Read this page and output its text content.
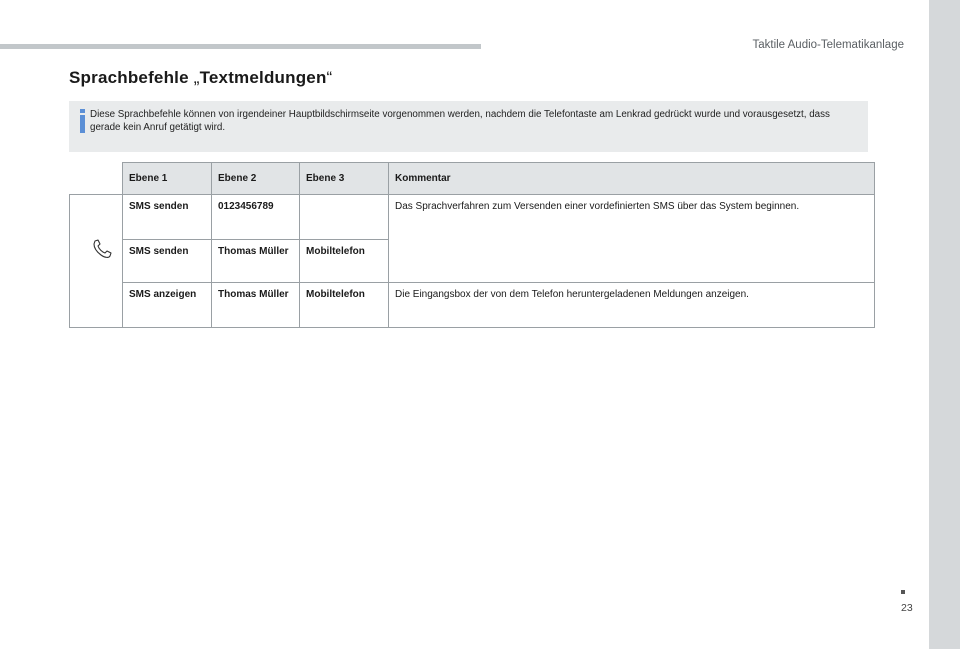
Taktile Audio-Telematikanlage
Sprachbefehle „Textmeldungen“
Diese Sprachbefehle können von irgendeiner Hauptbildschirmseite vorgenommen werden, nachdem die Telefontaste am Lenkrad gedrückt wurde und vorausgesetzt, dass gerade kein Anruf getätigt wird.
	Ebene 1	Ebene 2	Ebene 3	Kommentar

	SMS senden	0123456789		Das Sprachverfahren zum Versenden einer vordefinierten SMS über das System beginnen.
	SMS senden	Thomas Müller	Mobiltelefon	
	SMS anzeigen	Thomas Müller	Mobiltelefon	Die Eingangsbox der von dem Telefon heruntergeladenen Meldungen anzeigen.
23
